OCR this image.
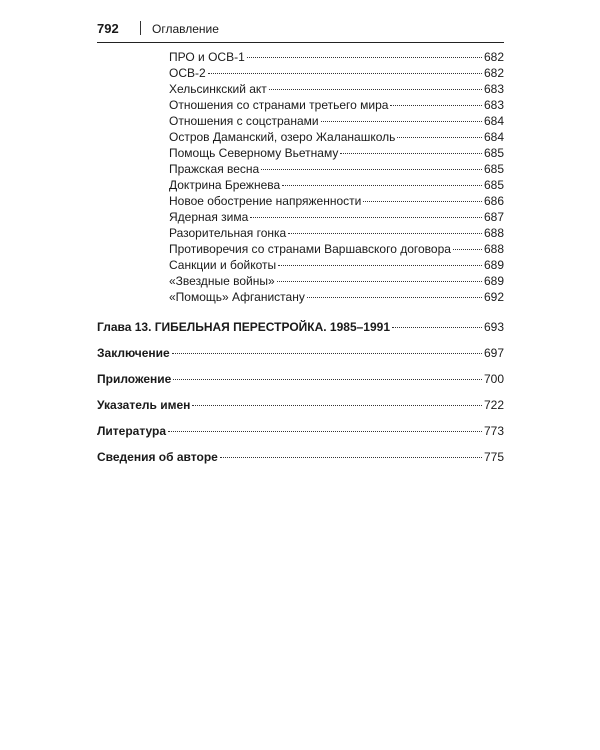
792	Оглавление
ПРО и ОСВ-1	682
ОСВ-2	682
Хельсинкский акт	683
Отношения со странами третьего мира	683
Отношения с соцстранами	684
Остров Даманский, озеро Жаланашколь	684
Помощь Северному Вьетнаму	685
Пражская весна	685
Доктрина Брежнева	685
Новое обострение напряженности	686
Ядерная зима	687
Разорительная гонка	688
Противоречия со странами Варшавского договора	688
Санкции и бойкоты	689
«Звездные войны»	689
«Помощь» Афганистану	692
Глава 13. ГИБЕЛЬНАЯ ПЕРЕСТРОЙКА. 1985–1991	693
Заключение	697
Приложение	700
Указатель имен	722
Литература	773
Сведения об авторе	775
